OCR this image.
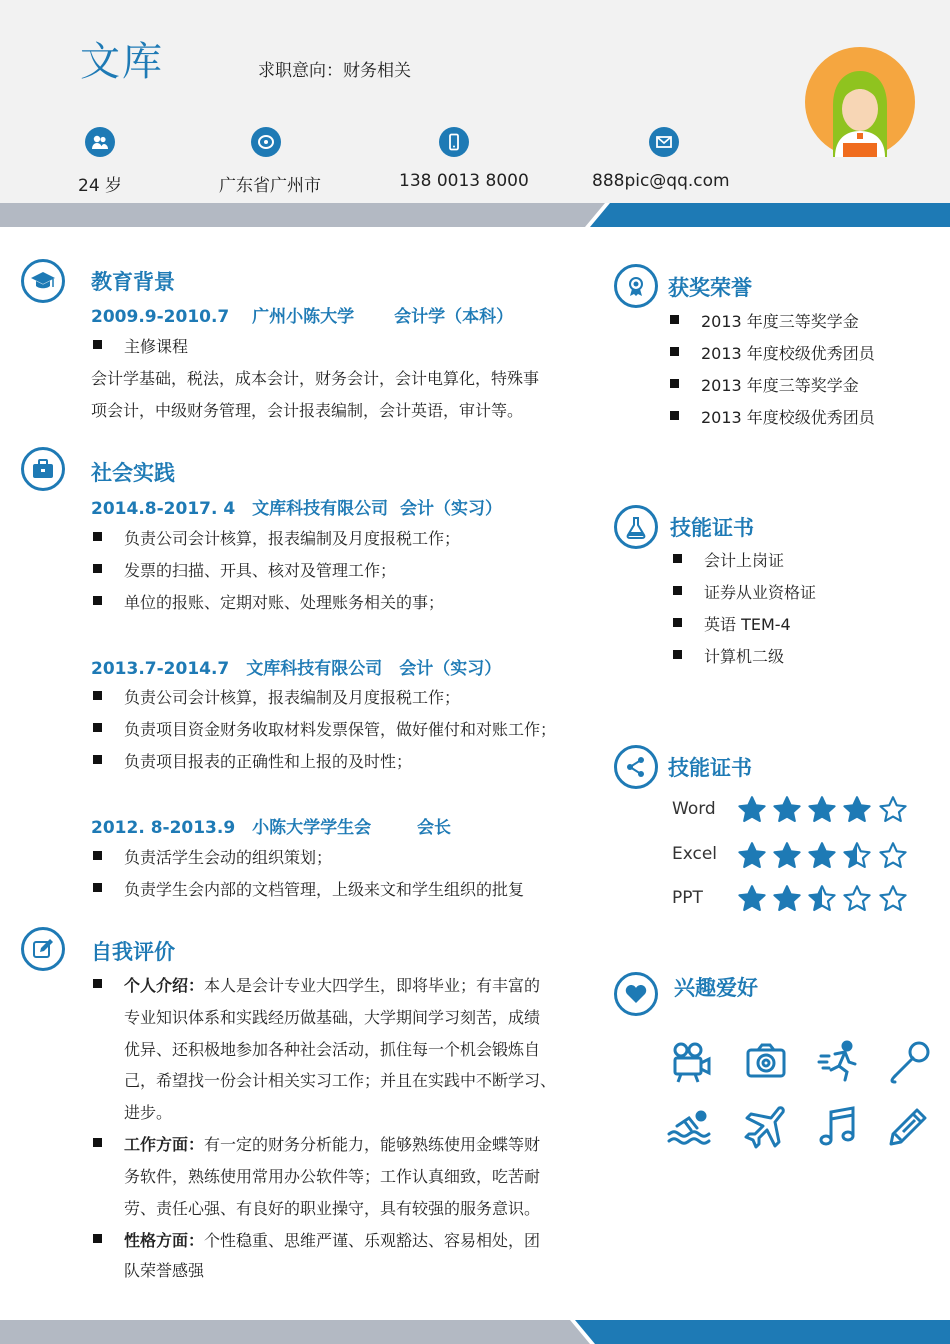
文库	求职意向：财务相关
24 岁	广东省广州市	138 0013 8000	888pic@qq.com
教育背景
2009.9-2010.7　 广州小陈大学　　 会计学（本科）
主修课程
会计学基础，税法，成本会计，财务会计，会计电算化，特殊事
项会计，中级财务管理，会计报表编制，会计英语，审计等。
社会实践
2014.8-2017. 4　文库科技有限公司  会计（实习）
负责公司会计核算，报表编制及月度报税工作；
发票的扫描、开具、核对及管理工作；
单位的报账、定期对账、处理账务相关的事；
2013.7-2014.7　文库科技有限公司　会计（实习）
负责公司会计核算，报表编制及月度报税工作；
负责项目资金财务收取材料发票保管，做好催付和对账工作；
负责项目报表的正确性和上报的及时性；
2012. 8-2013.9　小陈大学学生会　　  会长
负责活学生会动的组织策划；
负责学生会内部的文档管理，上级来文和学生组织的批复
自我评价
个人介绍：本人是会计专业大四学生，即将毕业；有丰富的
专业知识体系和实践经历做基础，大学期间学习刻苦，成绩
优异、还积极地参加各种社会活动，抓住每一个机会锻炼自
己，希望找一份会计相关实习工作；并且在实践中不断学习、
进步。
工作方面：有一定的财务分析能力，能够熟练使用金蝶等财
务软件，熟练使用常用办公软件等；工作认真细致，吃苦耐
劳、责任心强、有良好的职业操守，具有较强的服务意识。
性格方面：个性稳重、思维严谨、乐观豁达、容易相处，团
队荣誉感强
获奖荣誉
2013 年度三等奖学金
2013 年度校级优秀团员
2013 年度三等奖学金
2013 年度校级优秀团员
技能证书
会计上岗证
证券从业资格证
英语 TEM-4
计算机二级
技能证书
Word
Excel
PPT
兴趣爱好
